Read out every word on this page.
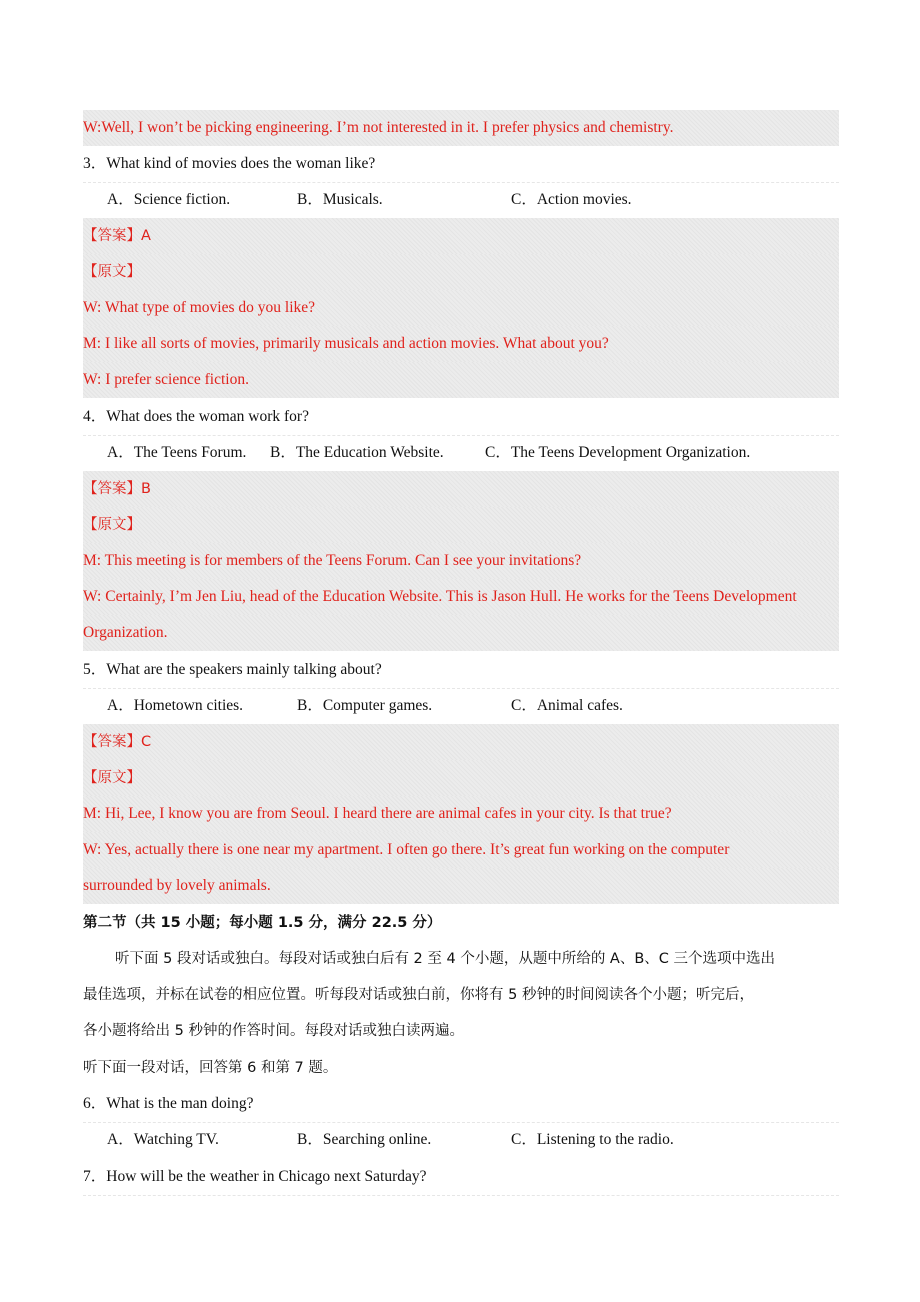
W:Well, I won’t be picking engineering. I’m not interested in it. I prefer physics and chemistry.
3．What kind of movies does the woman like?
A．Science fiction.	B．Musicals.	C．Action movies.
【答案】A
【原文】
W: What type of movies do you like?
M: I like all sorts of movies, primarily musicals and action movies. What about you?
W: I prefer science fiction.
4．What does the woman work for?
A．The Teens Forum. B．The Education Website.	C．The Teens Development Organization.
【答案】B
【原文】
M: This meeting is for members of the Teens Forum. Can I see your invitations?
W: Certainly, I’m Jen Liu, head of the Education Website. This is Jason Hull. He works for the Teens Development
Organization.
5．What are the speakers mainly talking about?
A．Hometown cities.	B．Computer games.	C．Animal cafes.
【答案】C
【原文】
M: Hi, Lee, I know you are from Seoul. I heard there are animal cafes in your city. Is that true?
W: Yes, actually there is one near my apartment. I often go there. It’s great fun working on the computer
surrounded by lovely animals.
第二节（共 15 小题；每小题 1.5 分，满分 22.5 分）
听下面 5 段对话或独白。每段对话或独白后有 2 至 4 个小题，从题中所给的 A、B、C 三个选项中选出
最佳选项，并标在试卷的相应位置。听每段对话或独白前，你将有 5 秒钟的时间阅读各个小题；听完后，
各小题将给出 5 秒钟的作答时间。每段对话或独白读两遍。
听下面一段对话，回答第 6 和第 7 题。
6．What is the man doing?
A．Watching TV.	B．Searching online.	C．Listening to the radio.
7．How will be the weather in Chicago next Saturday?
